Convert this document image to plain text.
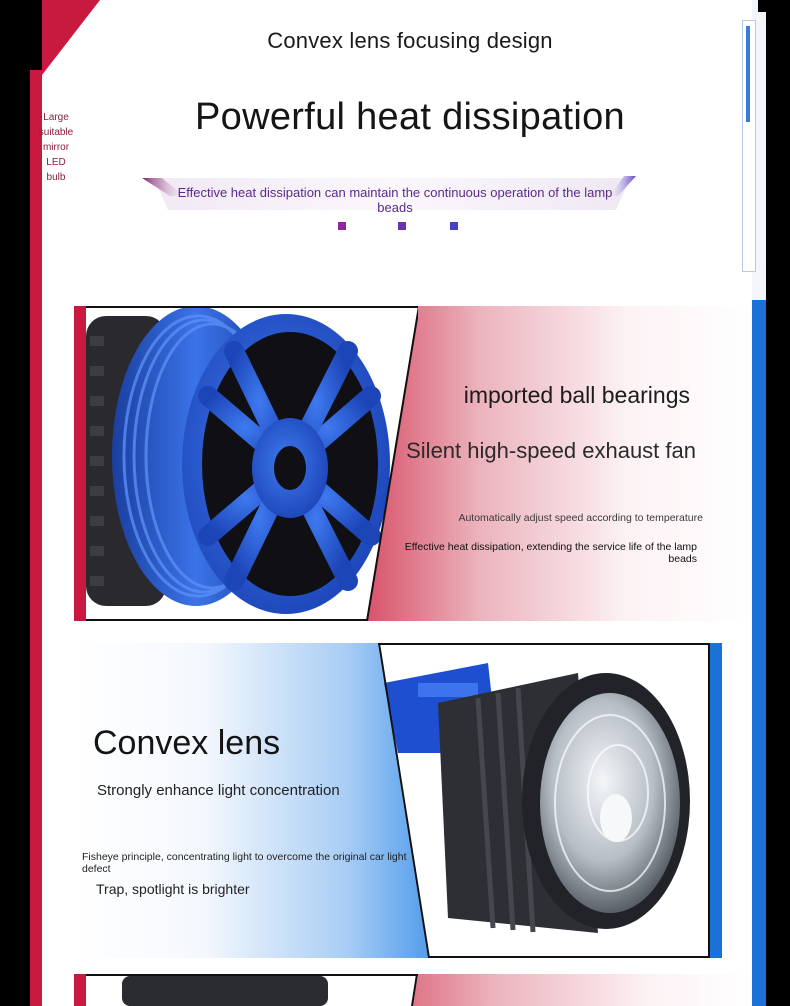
Large
suitable
mirror
LED bulb
Convex lens focusing design
Powerful heat dissipation
Effective heat dissipation can maintain the continuous operation of the lamp beads
imported ball bearings
Silent high-speed exhaust fan
Automatically adjust speed according to temperature
Effective heat dissipation, extending the service life of the lamp beads
Convex lens
Strongly enhance light concentration
Fisheye principle, concentrating light to overcome the original car light defect
Trap, spotlight is brighter
